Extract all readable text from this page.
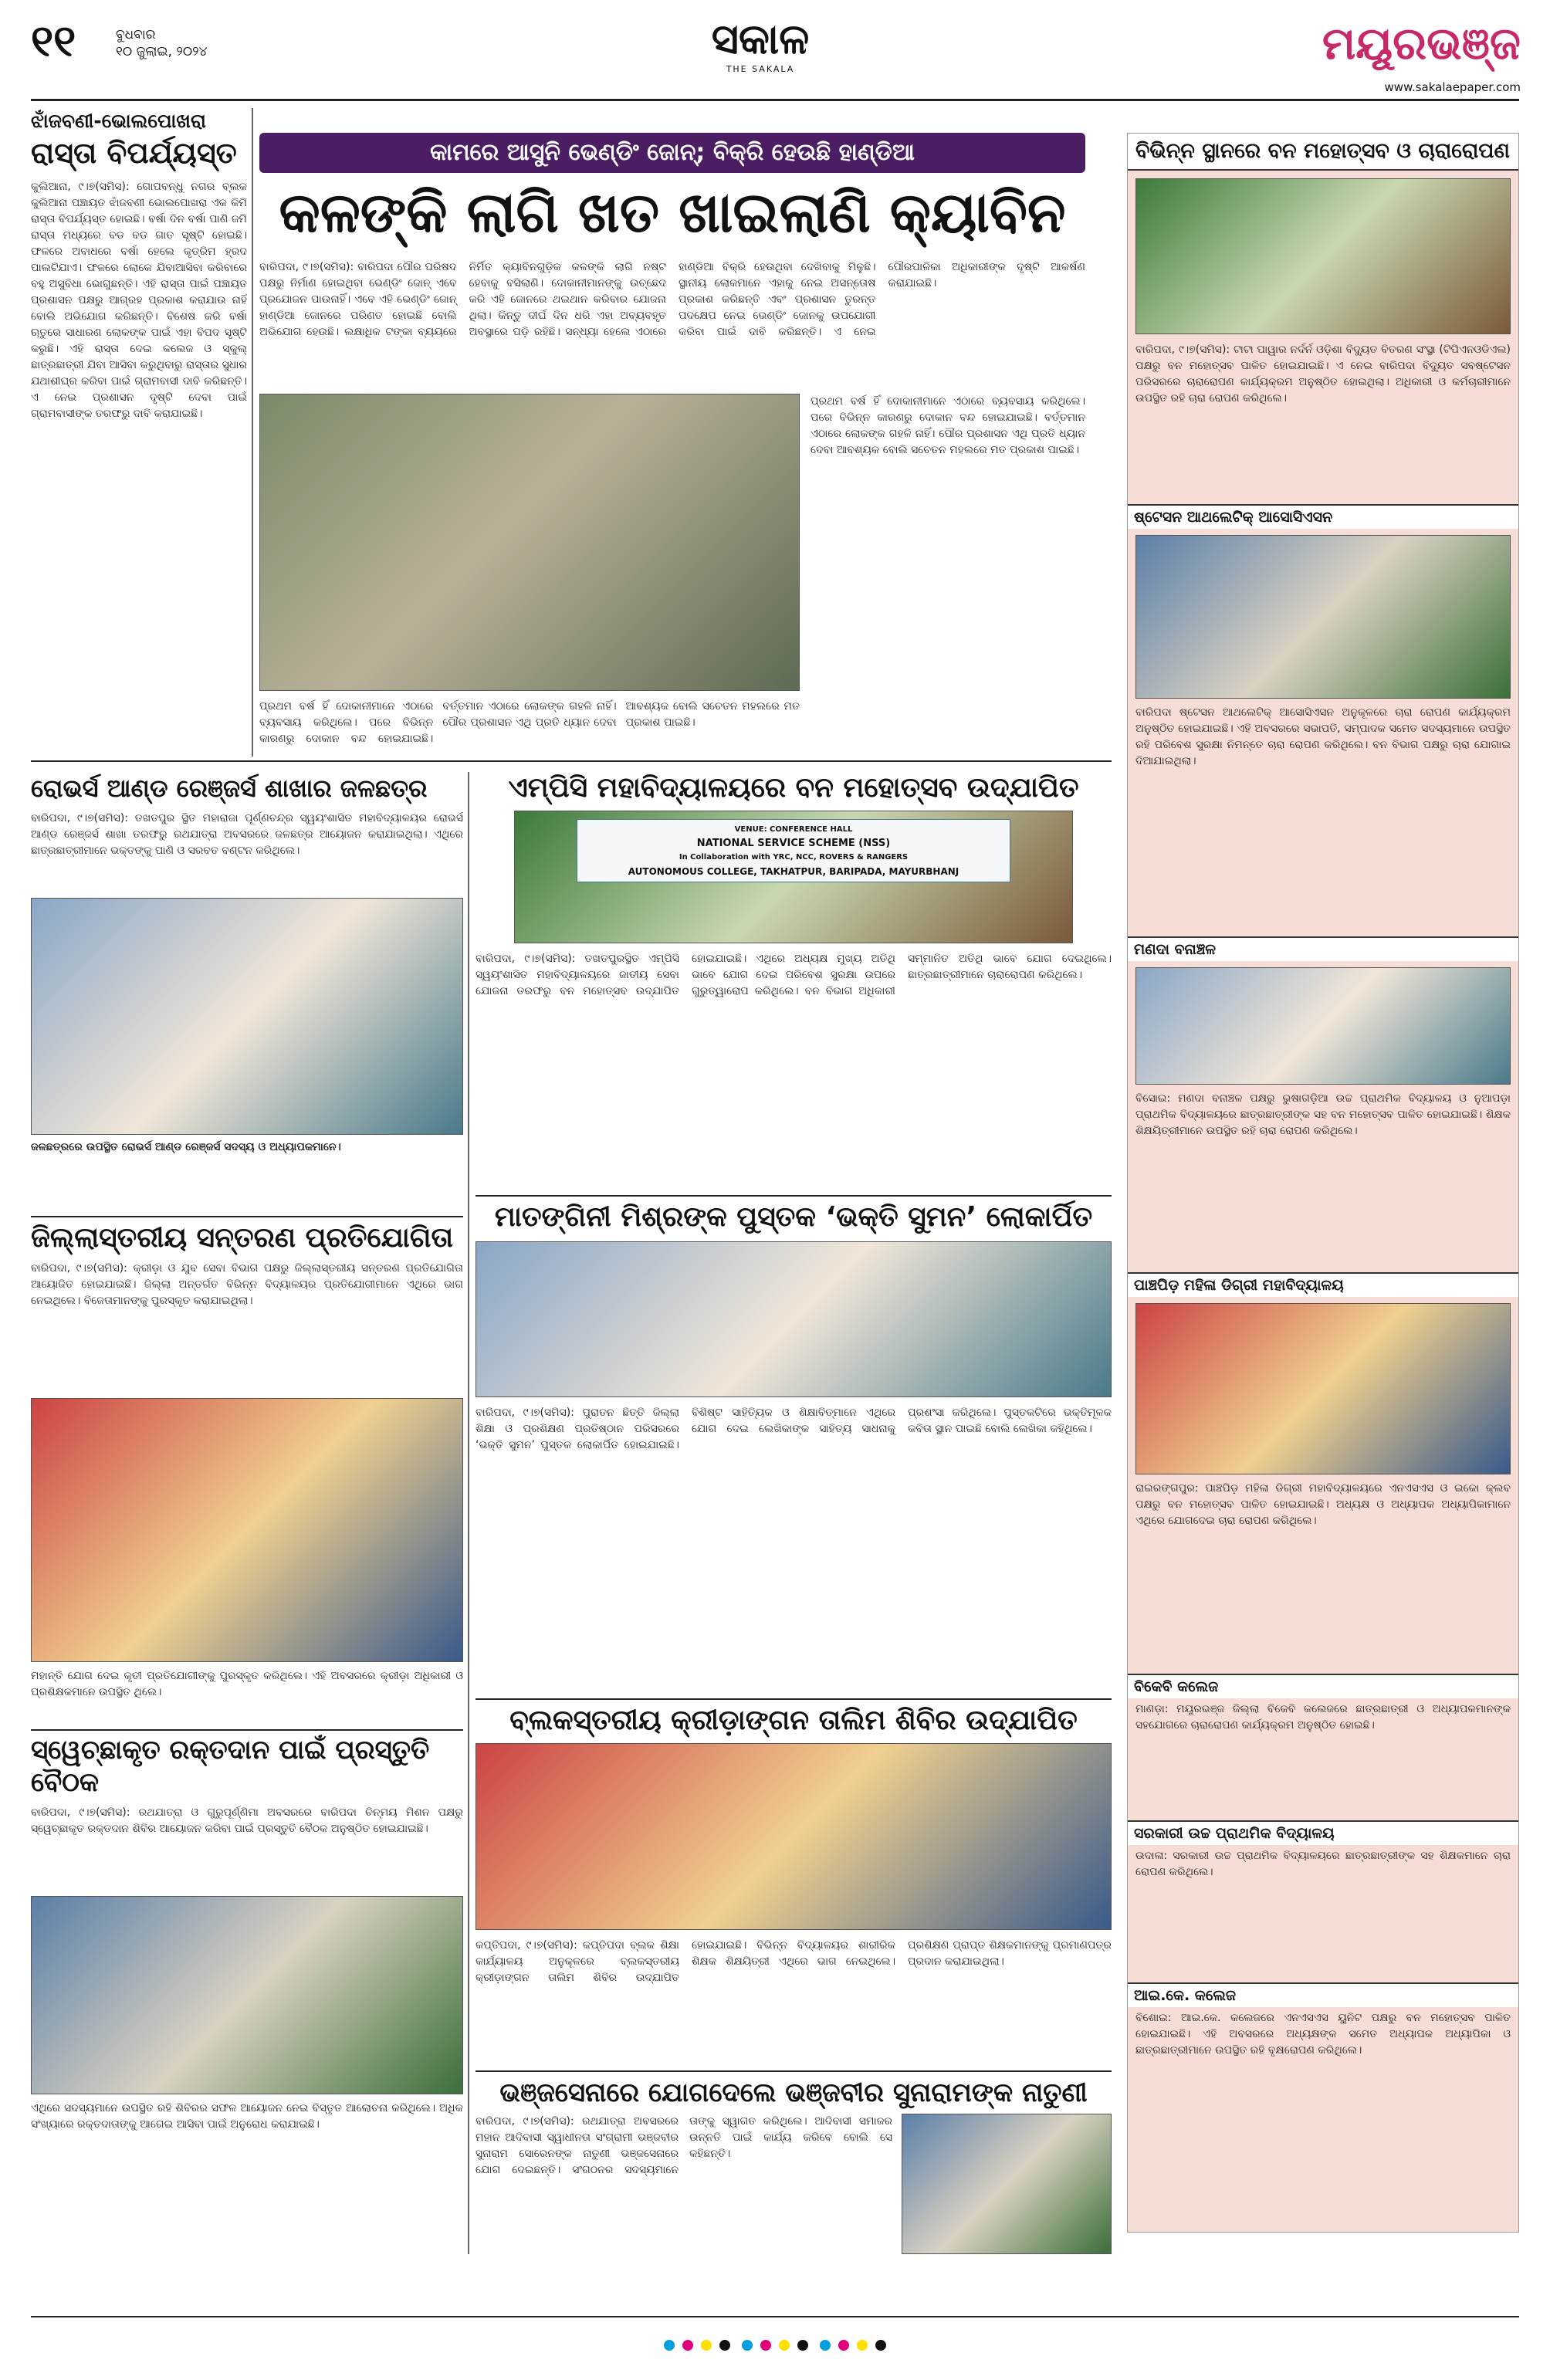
୧୧	ବୁଧବାର
୧୦ ଜୁଲାଇ, ୨୦୨୪	ସକାଳ
THE SAKALA	ମୟୂରଭଞ୍ଜ
www.sakalaepaper.com
ଝାଁଜବଣୀ-ଭୋଲପୋଖରା
ରାସ୍ତା ବିପର୍ଯ୍ୟସ୍ତ
କୁଲିଆନା, ୯।୭(ସମିସ): ଗୋପବନ୍ଧୁ ନଗର ବ୍ଲକ କୁଲିଆନା ପଞ୍ଚାୟତ ଝାଁଜବଣୀ ଭୋଲପୋଖରା ଏକ କିମି ରାସ୍ତା ବିପର୍ଯ୍ୟସ୍ତ ହୋଇଛି। ବର୍ଷା ଦିନ ବର୍ଷା ପାଣି ଜମି ରାସ୍ତା ମଧ୍ୟରେ ବଡ ବଡ ଗାତ ସୃଷ୍ଟି ହୋଇଛି। ଫଳରେ ଅବାଧରେ ବର୍ଷା ହେଲେ କୃତ୍ରିମ ହ୍ରଦ ପାଲଟିଯାଏ। ଫଳରେ ଲୋକେ ଯିବାଆସିବା କରିବାରେ ବହୁ ଅସୁବିଧା ଭୋଗୁଛନ୍ତି। ଏହି ରାସ୍ତା ପାଇଁ ପଞ୍ଚାୟତ ପ୍ରଶାସନ ପକ୍ଷରୁ ଆଗ୍ରହ ପ୍ରକାଶ କରାଯାଉ ନାହିଁ ବୋଲି ଅଭିଯୋଗ କରିଛନ୍ତି। ବିଶେଷ କରି ବର୍ଷା ଋତୁରେ ସାଧାରଣ ଲୋକଙ୍କ ପାଇଁ ଏହା ବିପଦ ସୃଷ୍ଟି କରୁଛି। ଏହି ରାସ୍ତା ଦେଇ କଲେଜ ଓ ସ୍କୁଲ୍ ଛାତ୍ରଛାତ୍ରୀ ଯିବା ଆସିବା କରୁଥିବାରୁ ରାସ୍ତାର ସୁଧାର ଯଥାଶୀଘ୍ର କରିବା ପାଇଁ ଗ୍ରାମବାସୀ ଦାବି କରିଛନ୍ତି। ଏ ନେଇ ପ୍ରଶାସନ ଦୃଷ୍ଟି ଦେବା ପାଇଁ ଗ୍ରାମବାସୀଙ୍କ ତରଫରୁ ଦାବି କରାଯାଇଛି।
କାମରେ ଆସୁନି ଭେଣ୍ଡିଂ ଜୋନ୍; ବିକ୍ରି ହେଉଛି ହାଣ୍ଡିଆ
କଳଙ୍କି ଲାଗି ଖତ ଖାଇଲାଣି କ୍ୟାବିନ
ବାରିପଦା, ୯।୭(ସମିସ): ବାରିପଦା ପୌର ପରିଷଦ ପକ୍ଷରୁ ନିର୍ମାଣ ହୋଇଥିବା ଭେଣ୍ଡିଂ ଜୋନ୍ ଏବେ ପ୍ରଯୋଜନ ପାଉନାହିଁ। ଏବେ ଏହି ଭେଣ୍ଡିଂ ଜୋନ୍ ହାଣ୍ଡିଆ ଜୋନରେ ପରିଣତ ହୋଇଛି ବୋଲି ଅଭିଯୋଗ ହେଉଛି। ଲକ୍ଷାଧିକ ଟଙ୍କା ବ୍ୟୟରେ ନିର୍ମିତ କ୍ୟାବିନଗୁଡ଼ିକ କଳଙ୍କି ଲାଗି ନଷ୍ଟ ହେବାକୁ ବସିଲାଣି। ଦୋକାନୀମାନଙ୍କୁ ଉଚ୍ଛେଦ କରି ଏହି ଜୋନରେ ଥଇଥାନ କରିବାର ଯୋଜନା ଥିଲା। କିନ୍ତୁ ଦୀର୍ଘ ଦିନ ଧରି ଏହା ଅବ୍ୟବହୃତ ଅବସ୍ଥାରେ ପଡ଼ି ରହିଛି। ସନ୍ଧ୍ୟା ହେଲେ ଏଠାରେ ହାଣ୍ଡିଆ ବିକ୍ରି ହେଉଥିବା ଦେଖିବାକୁ ମିଳୁଛି। ସ୍ଥାନୀୟ ଲୋକମାନେ ଏହାକୁ ନେଇ ଅସନ୍ତୋଷ ପ୍ରକାଶ କରିଛନ୍ତି ଏବଂ ପ୍ରଶାସନ ତୁରନ୍ତ ପଦକ୍ଷେପ ନେଇ ଭେଣ୍ଡିଂ ଜୋନକୁ ଉପଯୋଗୀ କରିବା ପାଇଁ ଦାବି କରିଛନ୍ତି। ଏ ନେଇ ପୌରପାଳିକା ଅଧିକାରୀଙ୍କ ଦୃଷ୍ଟି ଆକର୍ଷଣ କରାଯାଇଛି।
ପ୍ରଥମ ବର୍ଷ ହିଁ ଦୋକାନୀମାନେ ଏଠାରେ ବ୍ୟବସାୟ କରିଥିଲେ। ପରେ ବିଭିନ୍ନ କାରଣରୁ ଦୋକାନ ବନ୍ଦ ହୋଇଯାଇଛି। ବର୍ତ୍ତମାନ ଏଠାରେ ଲୋକଙ୍କ ଗହଳି ନାହିଁ। ପୌର ପ୍ରଶାସନ ଏଥି ପ୍ରତି ଧ୍ୟାନ ଦେବା ଆବଶ୍ୟକ ବୋଲି ସଚେତନ ମହଲରେ ମତ ପ୍ରକାଶ ପାଇଛି।
ପ୍ରଥମ ବର୍ଷ ହିଁ ଦୋକାନୀମାନେ ଏଠାରେ ବ୍ୟବସାୟ କରିଥିଲେ। ପରେ ବିଭିନ୍ନ କାରଣରୁ ଦୋକାନ ବନ୍ଦ ହୋଇଯାଇଛି। ବର୍ତ୍ତମାନ ଏଠାରେ ଲୋକଙ୍କ ଗହଳି ନାହିଁ। ପୌର ପ୍ରଶାସନ ଏଥି ପ୍ରତି ଧ୍ୟାନ ଦେବା ଆବଶ୍ୟକ ବୋଲି ସଚେତନ ମହଲରେ ମତ ପ୍ରକାଶ ପାଇଛି।
ବିଭିନ୍ନ ସ୍ଥାନରେ ବନ ମହୋତ୍ସବ ଓ ଚାରାରୋପଣ
ବାରିପଦା, ୯।୭(ସମିସ): ଟାଟା ପାୱାର ନର୍ଦର୍ନ ଓଡ଼ିଶା ବିଦ୍ୟୁତ ବିତରଣ ସଂସ୍ଥା (ଟିପିଏନଓଡିଏଲ) ପକ୍ଷରୁ ବନ ମହୋତ୍ସବ ପାଳିତ ହୋଇଯାଇଛି। ଏ ନେଇ ବାରିପଦା ବିଦ୍ୟୁତ ସବଷ୍ଟେସନ ପରିସରରେ ଚାରାରୋପଣ କାର୍ଯ୍ୟକ୍ରମ ଅନୁଷ୍ଠିତ ହୋଇଥିଲା। ଅଧିକାରୀ ଓ କର୍ମଚାରୀମାନେ ଉପସ୍ଥିତ ରହି ଚାରା ରୋପଣ କରିଥିଲେ।
ଷ୍ଟେସନ ଆଥଲେଟିକ୍ ଆସୋସିଏସନ
ବାରିପଦା ଷ୍ଟେସନ ଆଥଲେଟିକ୍ ଆସୋସିଏସନ ଅନୁକୂଳରେ ଚାରା ରୋପଣ କାର୍ଯ୍ୟକ୍ରମ ଅନୁଷ୍ଠିତ ହୋଇଯାଇଛି। ଏହି ଅବସରରେ ସଭାପତି, ସମ୍ପାଦକ ସମେତ ସଦସ୍ୟମାନେ ଉପସ୍ଥିତ ରହି ପରିବେଶ ସୁରକ୍ଷା ନିମନ୍ତେ ଚାରା ରୋପଣ କରିଥିଲେ। ବନ ବିଭାଗ ପକ୍ଷରୁ ଚାରା ଯୋଗାଇ ଦିଆଯାଇଥିଲା।
ମଣଦା ବନାଞ୍ଚଳ
ବିସୋଇ: ମଣଦା ବନାଞ୍ଚଳ ପକ୍ଷରୁ ଭୁଷାଗଡ଼ିଆ ଉଚ୍ଚ ପ୍ରାଥମିକ ବିଦ୍ୟାଳୟ ଓ ନୁଆପଡ଼ା ପ୍ରାଥମିକ ବିଦ୍ୟାଳୟରେ ଛାତ୍ରଛାତ୍ରୀଙ୍କ ସହ ବନ ମହୋତ୍ସବ ପାଳିତ ହୋଇଯାଇଛି। ଶିକ୍ଷକ ଶିକ୍ଷୟିତ୍ରୀମାନେ ଉପସ୍ଥିତ ରହି ଚାରା ରୋପଣ କରିଥିଲେ।
ପାଞ୍ଚପିଡ଼ ମହିଳା ଡିଗ୍ରୀ ମହାବିଦ୍ୟାଳୟ
ରାଇରଙ୍ଗପୁର: ପାଞ୍ଚପିଡ଼ ମହିଳା ଡିଗ୍ରୀ ମହାବିଦ୍ୟାଳୟରେ ଏନଏସଏସ ଓ ଇକୋ କ୍ଲବ ପକ୍ଷରୁ ବନ ମହୋତ୍ସବ ପାଳିତ ହୋଇଯାଇଛି। ଅଧ୍ୟକ୍ଷ ଓ ଅଧ୍ୟାପକ ଅଧ୍ୟାପିକାମାନେ ଏଥିରେ ଯୋଗଦେଇ ଚାରା ରୋପଣ କରିଥିଲେ।
ବିକେବି କଲେଜ
ମାଣଡ଼ା: ମୟୂରଭଞ୍ଜ ଜିଲ୍ଲା ବିକେବି କଲେଜରେ ଛାତ୍ରଛାତ୍ରୀ ଓ ଅଧ୍ୟାପକମାନଙ୍କ ସହଯୋଗରେ ଚାରାରୋପଣ କାର୍ଯ୍ୟକ୍ରମ ଅନୁଷ୍ଠିତ ହୋଇଛି।
ସରକାରୀ ଉଚ୍ଚ ପ୍ରାଥମିକ ବିଦ୍ୟାଳୟ
ଉଦାଳା: ସରକାରୀ ଉଚ୍ଚ ପ୍ରାଥମିକ ବିଦ୍ୟାଳୟରେ ଛାତ୍ରଛାତ୍ରୀଙ୍କ ସହ ଶିକ୍ଷକମାନେ ଚାରା ରୋପଣ କରିଥିଲେ।
ଆଇ.କେ. କଲେଜ
ବିଶୋଇ: ଆଇ.କେ. କଲେଜରେ ଏନଏସଏସ ୟୁନିଟ ପକ୍ଷରୁ ବନ ମହୋତ୍ସବ ପାଳିତ ହୋଇଯାଇଛି। ଏହି ଅବସରରେ ଅଧ୍ୟକ୍ଷଙ୍କ ସମେତ ଅଧ୍ୟାପକ ଅଧ୍ୟାପିକା ଓ ଛାତ୍ରଛାତ୍ରୀମାନେ ଉପସ୍ଥିତ ରହି ବୃକ୍ଷରୋପଣ କରିଥିଲେ।
ରୋଭର୍ସ ଆଣ୍ଡ ରେଞ୍ଜର୍ସ ଶାଖାର ଜଳଛତ୍ର
ବାରିପଦା, ୯।୭(ସମିସ): ତଖତପୁର ସ୍ଥିତ ମହାରାଜା ପୂର୍ଣ୍ଣଚନ୍ଦ୍ର ସ୍ୱୟଂଶାସିତ ମହାବିଦ୍ୟାଳୟର ରୋଭର୍ସ ଆଣ୍ଡ ରେଞ୍ଜର୍ସ ଶାଖା ତରଫରୁ ରଥଯାତ୍ରା ଅବସରରେ ଜଳଛତ୍ର ଆୟୋଜନ କରାଯାଇଥିଲା। ଏଥିରେ ଛାତ୍ରଛାତ୍ରୀମାନେ ଭକ୍ତଙ୍କୁ ପାଣି ଓ ସରବତ ବଣ୍ଟନ କରିଥିଲେ।
ଜଳଛତ୍ରରେ ଉପସ୍ଥିତ ରୋଭର୍ସ ଆଣ୍ଡ ରେଞ୍ଜର୍ସ ସଦସ୍ୟ ଓ ଅଧ୍ୟାପକମାନେ।
ଜିଲ୍ଲାସ୍ତରୀୟ ସନ୍ତରଣ ପ୍ରତିଯୋଗିତା
ବାରିପଦା, ୯।୭(ସମିସ): କ୍ରୀଡ଼ା ଓ ଯୁବ ସେବା ବିଭାଗ ପକ୍ଷରୁ ଜିଲ୍ଲାସ୍ତରୀୟ ସନ୍ତରଣ ପ୍ରତିଯୋଗିତା ଆୟୋଜିତ ହୋଇଯାଇଛି। ଜିଲ୍ଲା ଅନ୍ତର୍ଗତ ବିଭିନ୍ନ ବିଦ୍ୟାଳୟର ପ୍ରତିଯୋଗୀମାନେ ଏଥିରେ ଭାଗ ନେଇଥିଲେ। ବିଜେତାମାନଙ୍କୁ ପୁରସ୍କୃତ କରାଯାଇଥିଲା।
ମହାନ୍ତି ଯୋଗ ଦେଇ କୃତୀ ପ୍ରତିଯୋଗୀଙ୍କୁ ପୁରସ୍କୃତ କରିଥିଲେ। ଏହି ଅବସରରେ କ୍ରୀଡ଼ା ଅଧିକାରୀ ଓ ପ୍ରଶିକ୍ଷକମାନେ ଉପସ୍ଥିତ ଥିଲେ।
ସ୍ୱେଚ୍ଛାକୃତ ରକ୍ତଦାନ ପାଇଁ ପ୍ରସ୍ତୁତି ବୈଠକ
ବାରିପଦା, ୯।୭(ସମିସ): ରଥଯାତ୍ରା ଓ ଗୁରୁପୂର୍ଣ୍ଣିମା ଅବସରରେ ବାରିପଦା ଚିନ୍ମୟ ମିଶନ ପକ୍ଷରୁ ସ୍ୱେଚ୍ଛାକୃତ ରକ୍ତଦାନ ଶିବିର ଆୟୋଜନ କରିବା ପାଇଁ ପ୍ରସ୍ତୁତି ବୈଠକ ଅନୁଷ୍ଠିତ ହୋଇଯାଇଛି।
ଏଥିରେ ସଦସ୍ୟମାନେ ଉପସ୍ଥିତ ରହି ଶିବିରର ସଫଳ ଆୟୋଜନ ନେଇ ବିସ୍ତୃତ ଆଲୋଚନା କରିଥିଲେ। ଅଧିକ ସଂଖ୍ୟାରେ ରକ୍ତଦାତାଙ୍କୁ ଆଗେଇ ଆସିବା ପାଇଁ ଅନୁରୋଧ କରାଯାଇଛି।
ଏମ୍‌ପିସି ମହାବିଦ୍ୟାଳୟରେ ବନ ମହୋତ୍ସବ ଉଦ୍‌ଯାପିତ
VENUE: CONFERENCE HALL
NATIONAL SERVICE SCHEME (NSS)
In Collaboration with YRC, NCC, ROVERS & RANGERS
AUTONOMOUS COLLEGE, TAKHATPUR, BARIPADA, MAYURBHANJ
ବାରିପଦା, ୯।୭(ସମିସ): ତଖତପୁରସ୍ଥିତ ଏମ୍‌ପିସି ସ୍ୱୟଂଶାସିତ ମହାବିଦ୍ୟାଳୟରେ ଜାତୀୟ ସେବା ଯୋଜନା ତରଫରୁ ବନ ମହୋତ୍ସବ ଉଦ୍‌ଯାପିତ ହୋଇଯାଇଛି। ଏଥିରେ ଅଧ୍ୟକ୍ଷ ମୁଖ୍ୟ ଅତିଥି ଭାବେ ଯୋଗ ଦେଇ ପରିବେଶ ସୁରକ୍ଷା ଉପରେ ଗୁରୁତ୍ୱାରୋପ କରିଥିଲେ। ବନ ବିଭାଗ ଅଧିକାରୀ ସମ୍ମାନିତ ଅତିଥି ଭାବେ ଯୋଗ ଦେଇଥିଲେ। ଛାତ୍ରଛାତ୍ରୀମାନେ ଚାରାରୋପଣ କରିଥିଲେ।
ମାତଙ୍ଗିନୀ ମିଶ୍ରଙ୍କ ପୁସ୍ତକ ‘ଭକ୍ତି ସୁମନ’ ଲୋକାର୍ପିତ
ବାରିପଦା, ୯।୭(ସମିସ): ପୁରାତନ ଛିତ୍ତି ଜିଲ୍ଲା ଶିକ୍ଷା ଓ ପ୍ରଶିକ୍ଷଣ ପ୍ରତିଷ୍ଠାନ ପରିସରରେ ‘ଭକ୍ତି ସୁମନ’ ପୁସ୍ତକ ଲୋକାର୍ପିତ ହୋଇଯାଇଛି। ବିଶିଷ୍ଟ ସାହିତ୍ୟିକ ଓ ଶିକ୍ଷାବିତ୍‌ମାନେ ଏଥିରେ ଯୋଗ ଦେଇ ଲେଖିକାଙ୍କ ସାହିତ୍ୟ ସାଧନାକୁ ପ୍ରଶଂସା କରିଥିଲେ। ପୁସ୍ତକଟିରେ ଭକ୍ତିମୂଳକ କବିତା ସ୍ଥାନ ପାଇଛି ବୋଲି ଲେଖିକା କହିଥିଲେ।
ବ୍ଲକସ୍ତରୀୟ କ୍ରୀଡ଼ାଙ୍ଗନ ତାଲିମ ଶିବିର ଉଦ୍‌ଯାପିତ
କପ୍ତିପଦା, ୯।୭(ସମିସ): କପ୍ତିପଦା ବ୍ଲକ ଶିକ୍ଷା କାର୍ଯ୍ୟାଳୟ ଅନୁକୂଳରେ ବ୍ଲକସ୍ତରୀୟ କ୍ରୀଡ଼ାଙ୍ଗନ ତାଲିମ ଶିବିର ଉଦ୍‌ଯାପିତ ହୋଇଯାଇଛି। ବିଭିନ୍ନ ବିଦ୍ୟାଳୟର ଶାରୀରିକ ଶିକ୍ଷକ ଶିକ୍ଷୟିତ୍ରୀ ଏଥିରେ ଭାଗ ନେଇଥିଲେ। ପ୍ରଶିକ୍ଷଣ ପ୍ରାପ୍ତ ଶିକ୍ଷକମାନଙ୍କୁ ପ୍ରମାଣପତ୍ର ପ୍ରଦାନ କରାଯାଇଥିଲା।
ଭଞ୍ଜସେନାରେ ଯୋଗଦେଲେ ଭଞ୍ଜବୀର ସୁନାରାମଙ୍କ ନାତୁଣୀ
ବାରିପଦା, ୯।୭(ସମିସ): ରଥଯାତ୍ରା ଅବସରରେ ମହାନ ଆଦିବାସୀ ସ୍ୱାଧୀନତା ସଂଗ୍ରାମୀ ଭଞ୍ଜବୀର ସୁନାରାମ ସୋରେନଙ୍କ ନାତୁଣୀ ଭଞ୍ଜସେନାରେ ଯୋଗ ଦେଇଛନ୍ତି। ସଂଗଠନର ସଦସ୍ୟମାନେ ତାଙ୍କୁ ସ୍ୱାଗତ କରିଥିଲେ। ଆଦିବାସୀ ସମାଜର ଉନ୍ନତି ପାଇଁ କାର୍ଯ୍ୟ କରିବେ ବୋଲି ସେ କହିଛନ୍ତି।
